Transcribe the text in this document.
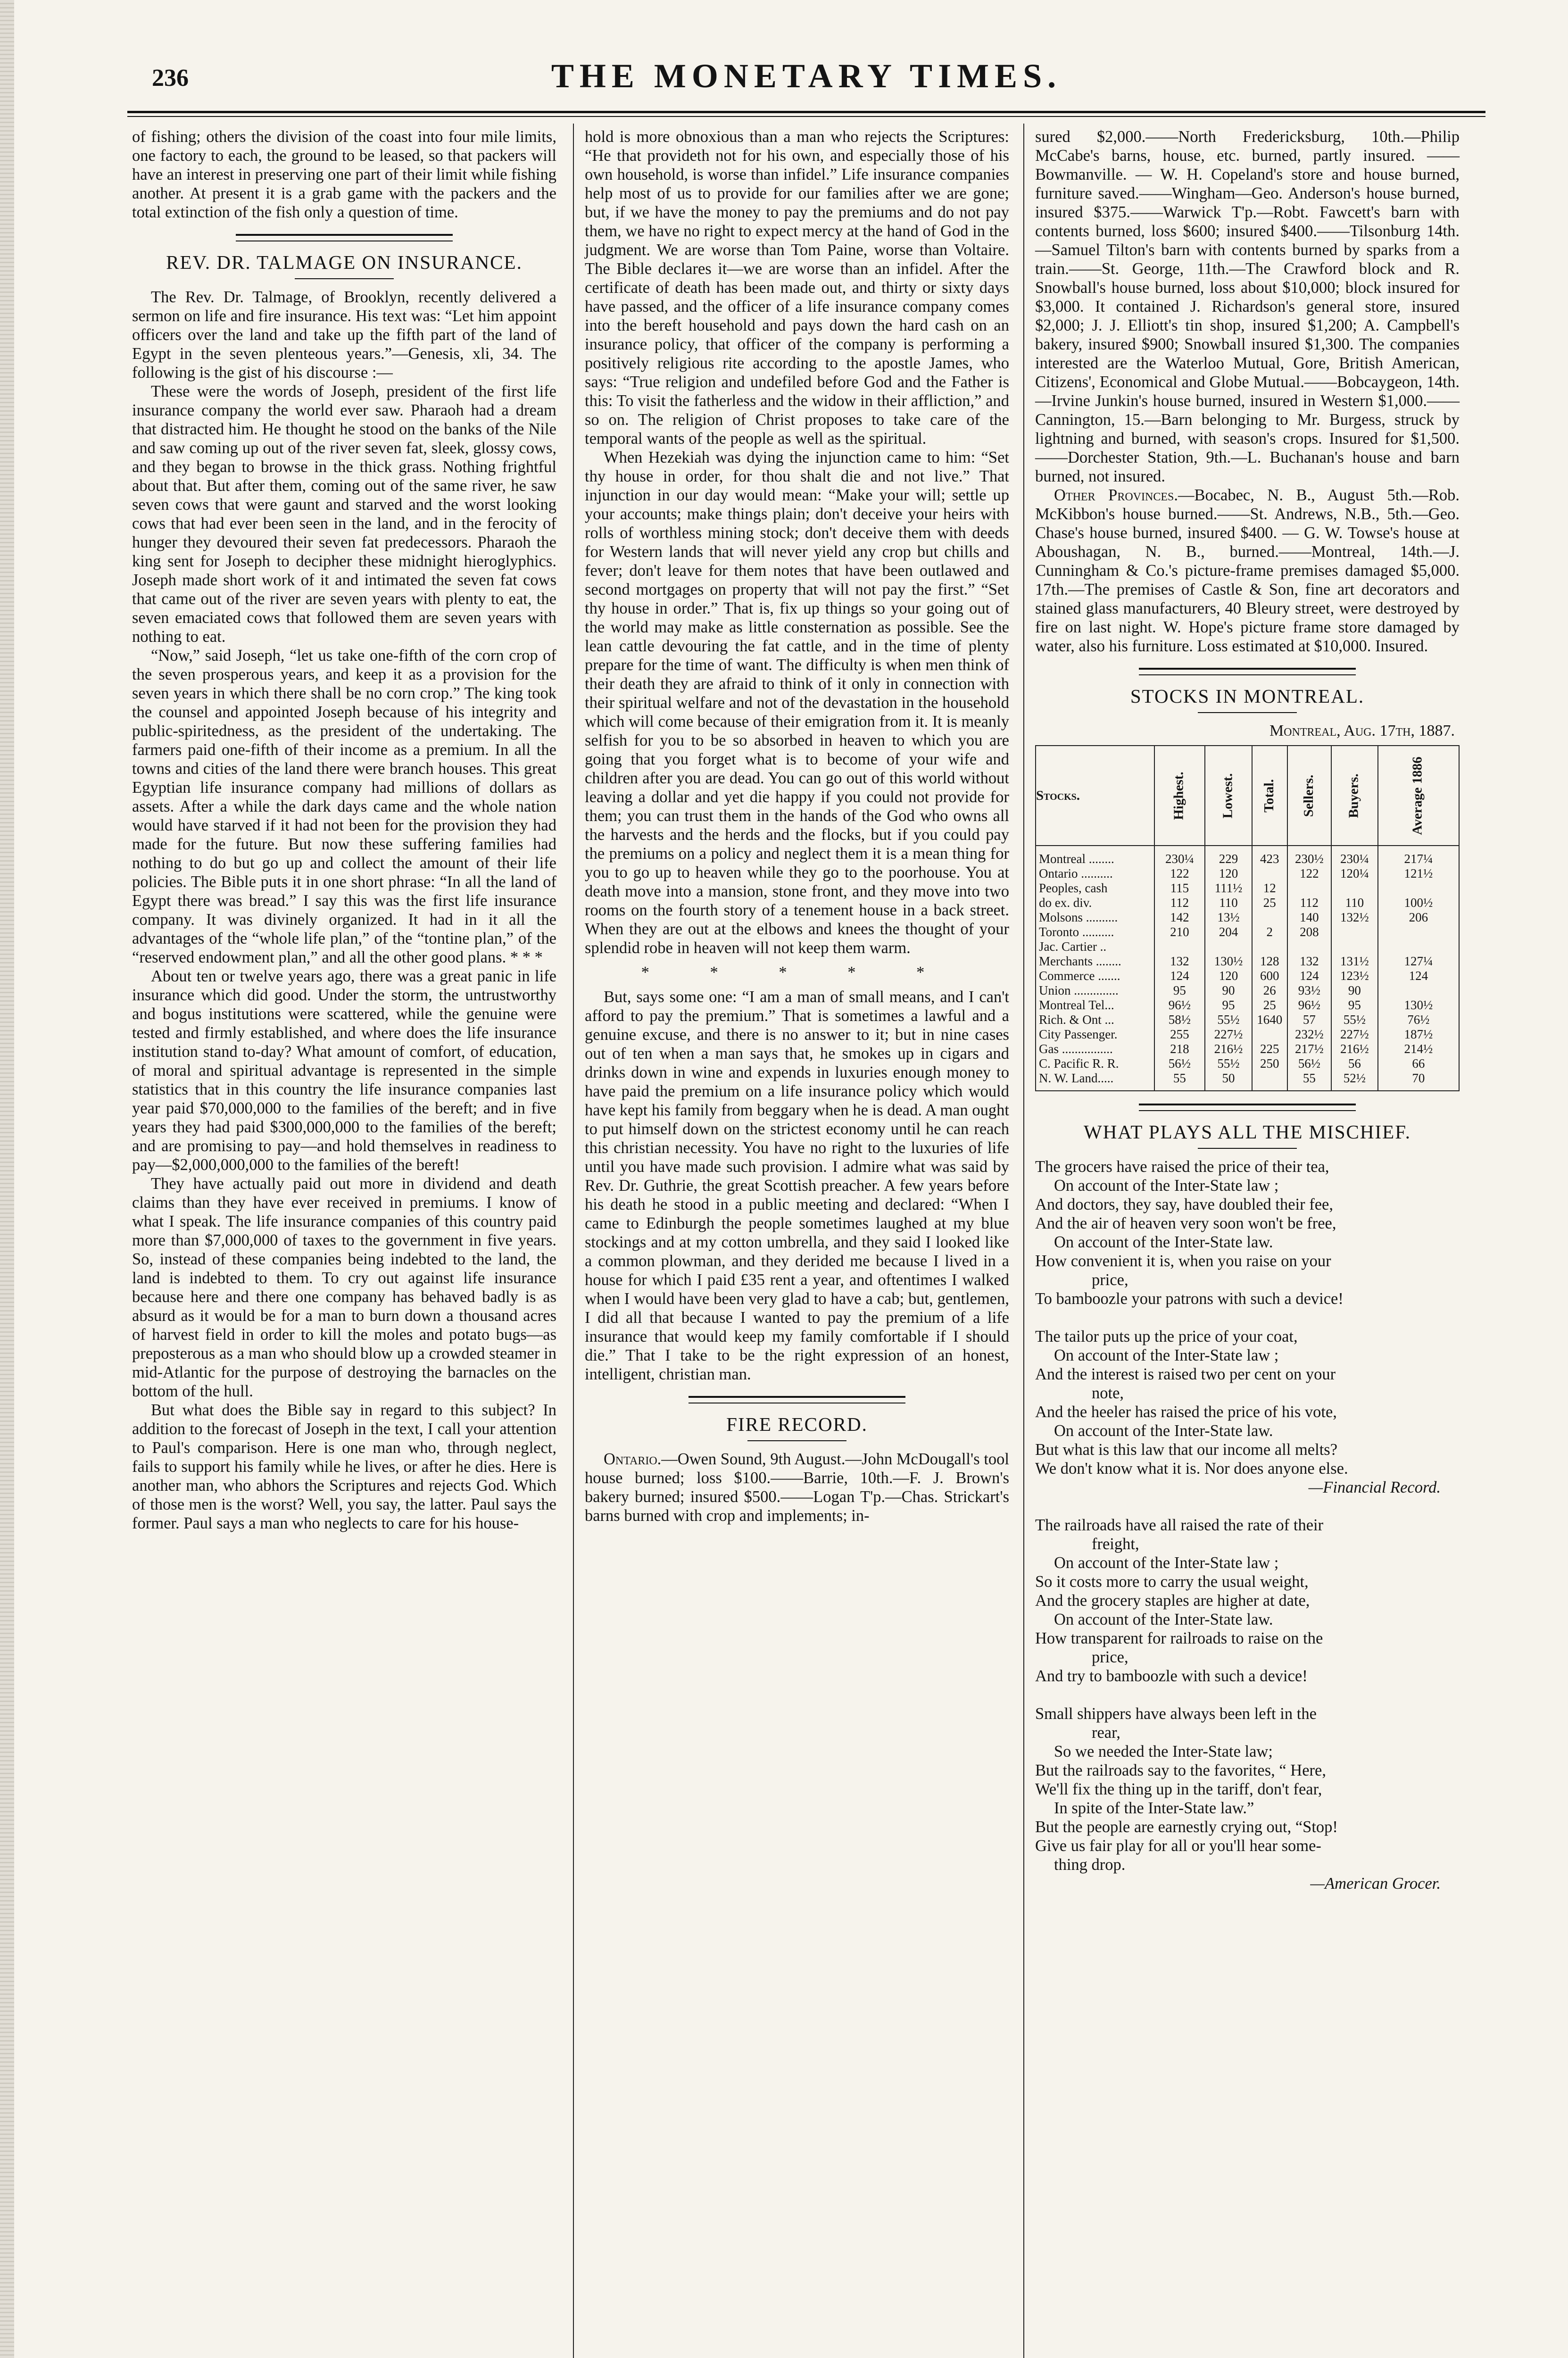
236	THE MONETARY TIMES.

of fishing; others the division of the coast into four mile limits, one factory to each, the ground to be leased, so that packers will have an interest in preserving one part of their limit while fishing another. At present it is a grab game with the packers and the total extinction of the fish only a question of time.

REV. DR. TALMAGE ON INSURANCE.

The Rev. Dr. Talmage, of Brooklyn, recently delivered a sermon on life and fire insurance. His text was: “Let him appoint officers over the land and take up the fifth part of the land of Egypt in the seven plenteous years.”—Genesis, xli, 34. The following is the gist of his discourse :—

These were the words of Joseph, president of the first life insurance company the world ever saw. Pharaoh had a dream that distracted him. He thought he stood on the banks of the Nile and saw coming up out of the river seven fat, sleek, glossy cows, and they began to browse in the thick grass. Nothing frightful about that. But after them, coming out of the same river, he saw seven cows that were gaunt and starved and the worst looking cows that had ever been seen in the land, and in the ferocity of hunger they devoured their seven fat predecessors. Pharaoh the king sent for Joseph to decipher these midnight hieroglyphics. Joseph made short work of it and intimated the seven fat cows that came out of the river are seven years with plenty to eat, the seven emaciated cows that followed them are seven years with nothing to eat.

“Now,” said Joseph, “let us take one-fifth of the corn crop of the seven prosperous years, and keep it as a provision for the seven years in which there shall be no corn crop.” The king took the counsel and appointed Joseph because of his integrity and public-spiritedness, as the president of the undertaking. The farmers paid one-fifth of their income as a premium. In all the towns and cities of the land there were branch houses. This great Egyptian life insurance company had millions of dollars as assets. After a while the dark days came and the whole nation would have starved if it had not been for the provision they had made for the future. But now these suffering families had nothing to do but go up and collect the amount of their life policies. The Bible puts it in one short phrase: “In all the land of Egypt there was bread.” I say this was the first life insurance company. It was divinely organized. It had in it all the advantages of the “whole life plan,” of the “tontine plan,” of the “reserved endowment plan,” and all the other good plans. * * *

About ten or twelve years ago, there was a great panic in life insurance which did good. Under the storm, the untrustworthy and bogus institutions were scattered, while the genuine were tested and firmly established, and where does the life insurance institution stand to-day? What amount of comfort, of education, of moral and spiritual advantage is represented in the simple statistics that in this country the life insurance companies last year paid $70,000,000 to the families of the bereft; and in five years they had paid $300,000,000 to the families of the bereft; and are promising to pay—and hold themselves in readiness to pay—$2,000,000,000 to the families of the bereft!

They have actually paid out more in dividend and death claims than they have ever received in premiums. I know of what I speak. The life insurance companies of this country paid more than $7,000,000 of taxes to the government in five years. So, instead of these companies being indebted to the land, the land is indebted to them. To cry out against life insurance because here and there one company has behaved badly is as absurd as it would be for a man to burn down a thousand acres of harvest field in order to kill the moles and potato bugs—as preposterous as a man who should blow up a crowded steamer in mid-Atlantic for the purpose of destroying the barnacles on the bottom of the hull.

But what does the Bible say in regard to this subject? In addition to the forecast of Joseph in the text, I call your attention to Paul's comparison. Here is one man who, through neglect, fails to support his family while he lives, or after he dies. Here is another man, who abhors the Scriptures and rejects God. Which of those men is the worst? Well, you say, the latter. Paul says the former. Paul says a man who neglects to care for his house-

hold is more obnoxious than a man who rejects the Scriptures: “He that provideth not for his own, and especially those of his own household, is worse than infidel.” Life insurance companies help most of us to provide for our families after we are gone; but, if we have the money to pay the premiums and do not pay them, we have no right to expect mercy at the hand of God in the judgment. We are worse than Tom Paine, worse than Voltaire. The Bible declares it—we are worse than an infidel. After the certificate of death has been made out, and thirty or sixty days have passed, and the officer of a life insurance company comes into the bereft household and pays down the hard cash on an insurance policy, that officer of the company is performing a positively religious rite according to the apostle James, who says: “True religion and undefiled before God and the Father is this: To visit the fatherless and the widow in their affliction,” and so on. The religion of Christ proposes to take care of the temporal wants of the people as well as the spiritual.

When Hezekiah was dying the injunction came to him: “Set thy house in order, for thou shalt die and not live.” That injunction in our day would mean: “Make your will; settle up your accounts; make things plain; don't deceive your heirs with rolls of worthless mining stock; don't deceive them with deeds for Western lands that will never yield any crop but chills and fever; don't leave for them notes that have been outlawed and second mortgages on property that will not pay the first.” “Set thy house in order.” That is, fix up things so your going out of the world may make as little consternation as possible. See the lean cattle devouring the fat cattle, and in the time of plenty prepare for the time of want. The difficulty is when men think of their death they are afraid to think of it only in connection with their spiritual welfare and not of the devastation in the household which will come because of their emigration from it. It is meanly selfish for you to be so absorbed in heaven to which you are going that you forget what is to become of your wife and children after you are dead. You can go out of this world without leaving a dollar and yet die happy if you could not provide for them; you can trust them in the hands of the God who owns all the harvests and the herds and the flocks, but if you could pay the premiums on a policy and neglect them it is a mean thing for you to go up to heaven while they go to the poorhouse. You at death move into a mansion, stone front, and they move into two rooms on the fourth story of a tenement house in a back street. When they are out at the elbows and knees the thought of your splendid robe in heaven will not keep them warm.

* * * * *

But, says some one: “I am a man of small means, and I can't afford to pay the premium.” That is sometimes a lawful and a genuine excuse, and there is no answer to it; but in nine cases out of ten when a man says that, he smokes up in cigars and drinks down in wine and expends in luxuries enough money to have paid the premium on a life insurance policy which would have kept his family from beggary when he is dead. A man ought to put himself down on the strictest economy until he can reach this christian necessity. You have no right to the luxuries of life until you have made such provision. I admire what was said by Rev. Dr. Guthrie, the great Scottish preacher. A few years before his death he stood in a public meeting and declared: “When I came to Edinburgh the people sometimes laughed at my blue stockings and at my cotton umbrella, and they said I looked like a common plowman, and they derided me because I lived in a house for which I paid £35 rent a year, and oftentimes I walked when I would have been very glad to have a cab; but, gentlemen, I did all that because I wanted to pay the premium of a life insurance that would keep my family comfortable if I should die.” That I take to be the right expression of an honest, intelligent, christian man.

FIRE RECORD.

Ontario.—Owen Sound, 9th August.—John McDougall's tool house burned; loss $100.——Barrie, 10th.—F. J. Brown's bakery burned; insured $500.——Logan T'p.—Chas. Strickart's barns burned with crop and implements; in-

sured $2,000.——North Fredericksburg, 10th.—Philip McCabe's barns, house, etc. burned, partly insured. —— Bowmanville. — W. H. Copeland's store and house burned, furniture saved.——Wingham—Geo. Anderson's house burned, insured $375.——Warwick T'p.—Robt. Fawcett's barn with contents burned, loss $600; insured $400.——Tilsonburg 14th.—Samuel Tilton's barn with contents burned by sparks from a train.——St. George, 11th.—The Crawford block and R. Snowball's house burned, loss about $10,000; block insured for $3,000. It contained J. Richardson's general store, insured $2,000; J. J. Elliott's tin shop, insured $1,200; A. Campbell's bakery, insured $900; Snowball insured $1,300. The companies interested are the Waterloo Mutual, Gore, British American, Citizens', Economical and Globe Mutual.——Bobcaygeon, 14th.—Irvine Junkin's house burned, insured in Western $1,000.——Cannington, 15.—Barn belonging to Mr. Burgess, struck by lightning and burned, with season's crops. Insured for $1,500.——Dorchester Station, 9th.—L. Buchanan's house and barn burned, not insured.

Other Provinces.—Bocabec, N. B., August 5th.—Rob. McKibbon's house burned.——St. Andrews, N.B., 5th.—Geo. Chase's house burned, insured $400. — G. W. Towse's house at Aboushagan, N. B., burned.——Montreal, 14th.—J. Cunningham & Co.'s picture-frame premises damaged $5,000. 17th.—The premises of Castle & Son, fine art decorators and stained glass manufacturers, 40 Bleury street, were destroyed by fire on last night. W. Hope's picture frame store damaged by water, also his furniture. Loss estimated at $10,000. Insured.

STOCKS IN MONTREAL.
Montreal, Aug. 17th, 1887.
Stocks.	Highest.	Lowest.	Total.	Sellers.	Buyers.	Average 1886
Montreal ........	230¼	229	423	230½	230¼	217¼
Ontario ..........	122	120		122	120¼	121½
Peoples, cash	115	111½	12			
do ex. div.	112	110	25	112	110	100½
Molsons ..........	142	13½		140	132½	206
Toronto ..........	210	204	2	208		
Jac. Cartier ..						
Merchants ........	132	130½	128	132	131½	127¼
Commerce .......	124	120	600	124	123½	124
Union ..............	95	90	26	93½	90	
Montreal Tel...	96½	95	25	96½	95	130½
Rich. & Ont ...	58½	55½	1640	57	55½	76½
City Passenger.	255	227½		232½	227½	187½
Gas ................	218	216½	225	217½	216½	214½
C. Pacific R. R.	56½	55½	250	56½	56	66
N. W. Land.....	55	50		55	52½	70
WHAT PLAYS ALL THE MISCHIEF.

The grocers have raised the price of their tea,

On account of the Inter-State law ;

And doctors, they say, have doubled their fee,

And the air of heaven very soon won't be free,

On account of the Inter-State law.

How convenient it is, when you raise on your

price,

To bamboozle your patrons with such a device!

The tailor puts up the price of your coat,

On account of the Inter-State law ;

And the interest is raised two per cent on your

note,

And the heeler has raised the price of his vote,

On account of the Inter-State law.

But what is this law that our income all melts?

We don't know what it is. Nor does anyone else.

—Financial Record.

The railroads have all raised the rate of their

freight,

On account of the Inter-State law ;

So it costs more to carry the usual weight,

And the grocery staples are higher at date,

On account of the Inter-State law.

How transparent for railroads to raise on the

price,

And try to bamboozle with such a device!

Small shippers have always been left in the

rear,

So we needed the Inter-State law;

But the railroads say to the favorites, “ Here,

We'll fix the thing up in the tariff, don't fear,

In spite of the Inter-State law.”

But the people are earnestly crying out, “Stop!

Give us fair play for all or you'll hear some-

thing drop.

—American Grocer.
